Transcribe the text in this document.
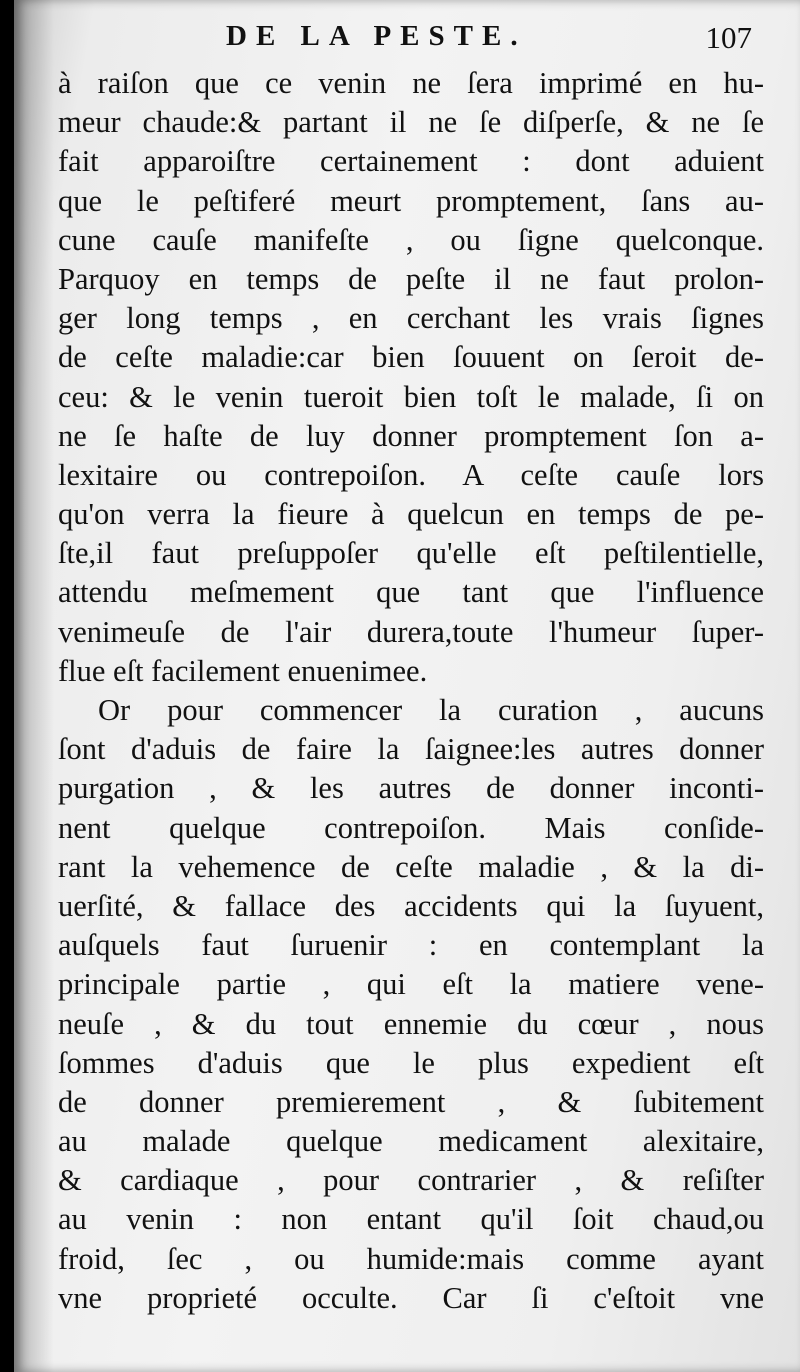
DE LA PESTE.	107
à raiſon que ce venin ne ſera imprimé en hu-
meur chaude:& partant il ne ſe diſperſe, & ne ſe
fait apparoiſtre certainement : dont aduient
que le peſtiferé meurt promptement, ſans au-
cune cauſe manifeſte , ou ſigne quelconque.
Parquoy en temps de peſte il ne faut prolon-
ger long temps , en cerchant les vrais ſignes
de ceſte maladie:car bien ſouuent on ſeroit de-
ceu: & le venin tueroit bien toſt le malade, ſi on
ne ſe haſte de luy donner promptement ſon a-
lexitaire ou contrepoiſon. A ceſte cauſe lors
qu'on verra la fieure à quelcun en temps de pe-
ſte,il faut preſuppoſer qu'elle eſt peſtilentielle,
attendu meſmement que tant que l'influence
venimeuſe de l'air durera,toute l'humeur ſuper-
flue eſt facilement enuenimee.
Or pour commencer la curation , aucuns
ſont d'aduis de faire la ſaignee:les autres donner
purgation , & les autres de donner inconti-
nent quelque contrepoiſon. Mais conſide-
rant la vehemence de ceſte maladie , & la di-
uerſité, & fallace des accidents qui la ſuyuent,
auſquels faut ſuruenir : en contemplant la
principale partie , qui eſt la matiere vene-
neuſe , & du tout ennemie du cœur , nous
ſommes d'aduis que le plus expedient eſt
de donner premierement , & ſubitement
au malade quelque medicament alexitaire,
& cardiaque , pour contrarier , & reſiſter
au venin : non entant qu'il ſoit chaud,ou
froid, ſec , ou humide:mais comme ayant
vne proprieté occulte. Car ſi c'eſtoit vne
